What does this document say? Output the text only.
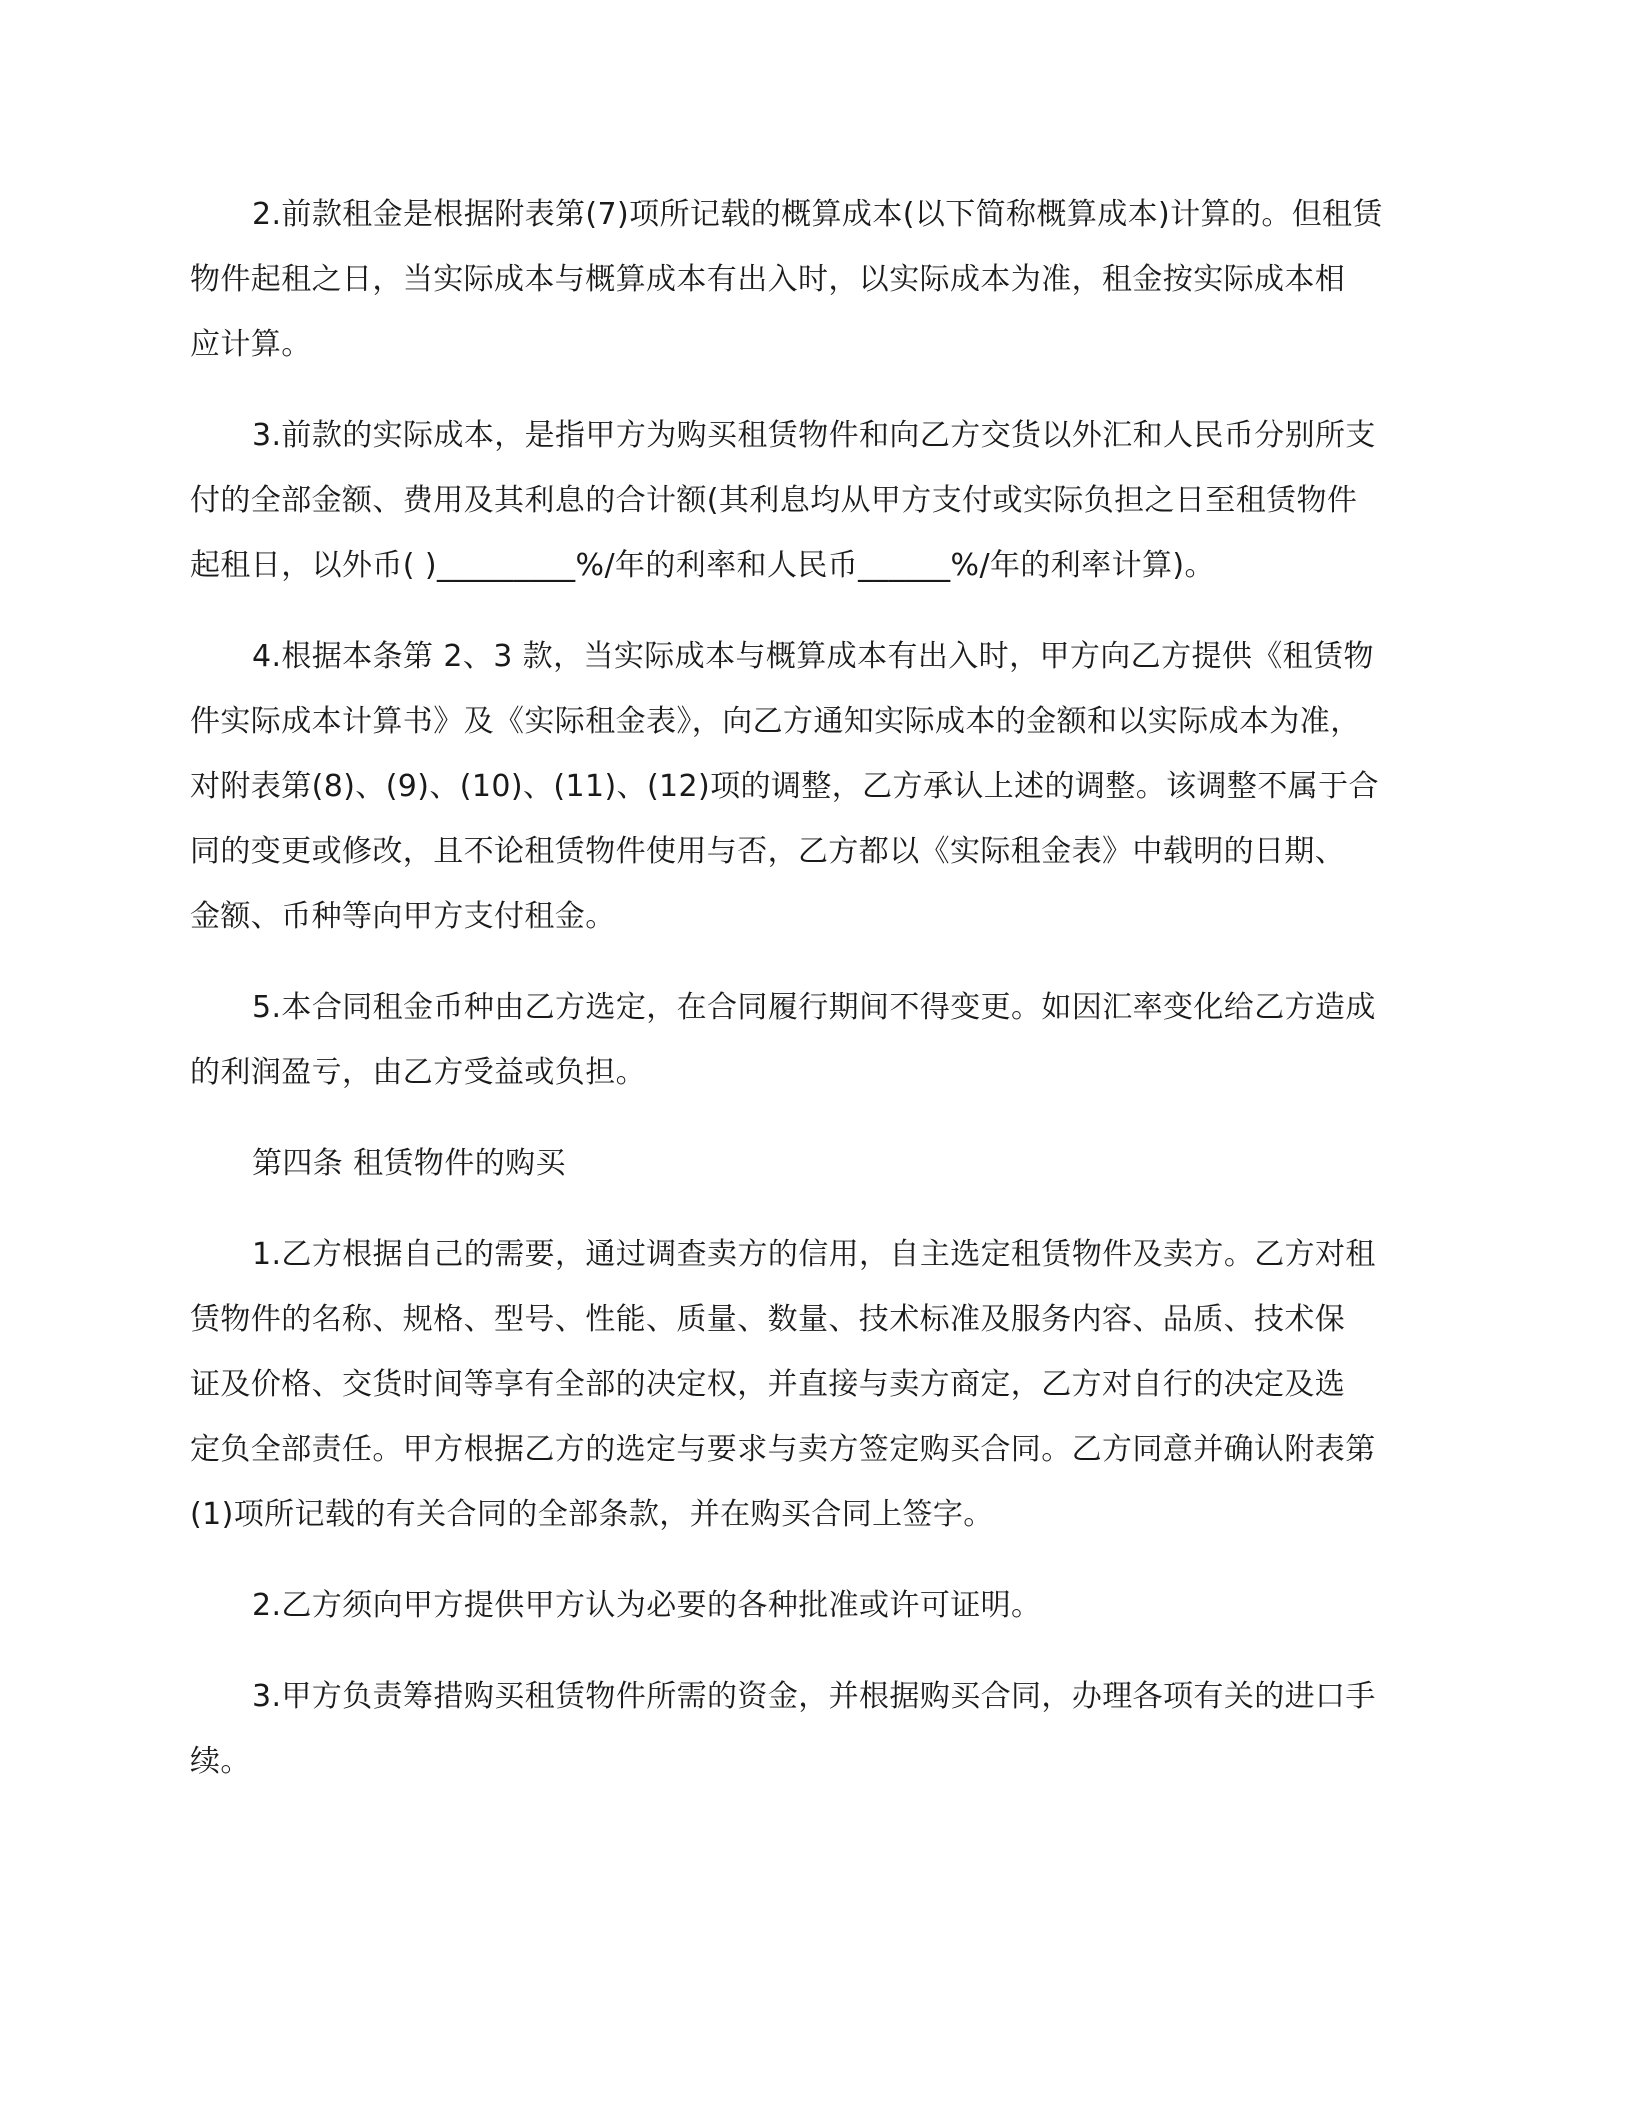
2.前款租金是根据附表第(7)项所记载的概算成本(以下简称概算成本)计算的。但租赁
物件起租之日，当实际成本与概算成本有出入时，以实际成本为准，租金按实际成本相
应计算。

3.前款的实际成本，是指甲方为购买租赁物件和向乙方交货以外汇和人民币分别所支
付的全部金额、费用及其利息的合计额(其利息均从甲方支付或实际负担之日至租赁物件
起租日，以外币( )_________%/年的利率和人民币______%/年的利率计算)。

4.根据本条第 2、3 款，当实际成本与概算成本有出入时，甲方向乙方提供《租赁物
件实际成本计算书》及《实际租金表》，向乙方通知实际成本的金额和以实际成本为准，
对附表第(8)、(9)、(10)、(11)、(12)项的调整，乙方承认上述的调整。该调整不属于合
同的变更或修改，且不论租赁物件使用与否，乙方都以《实际租金表》中载明的日期、
金额、币种等向甲方支付租金。

5.本合同租金币种由乙方选定，在合同履行期间不得变更。如因汇率变化给乙方造成
的利润盈亏，由乙方受益或负担。

第四条 租赁物件的购买

1.乙方根据自己的需要，通过调查卖方的信用，自主选定租赁物件及卖方。乙方对租
赁物件的名称、规格、型号、性能、质量、数量、技术标准及服务内容、品质、技术保
证及价格、交货时间等享有全部的决定权，并直接与卖方商定，乙方对自行的决定及选
定负全部责任。甲方根据乙方的选定与要求与卖方签定购买合同。乙方同意并确认附表第
(1)项所记载的有关合同的全部条款，并在购买合同上签字。

2.乙方须向甲方提供甲方认为必要的各种批准或许可证明。

3.甲方负责筹措购买租赁物件所需的资金，并根据购买合同，办理各项有关的进口手
续。
